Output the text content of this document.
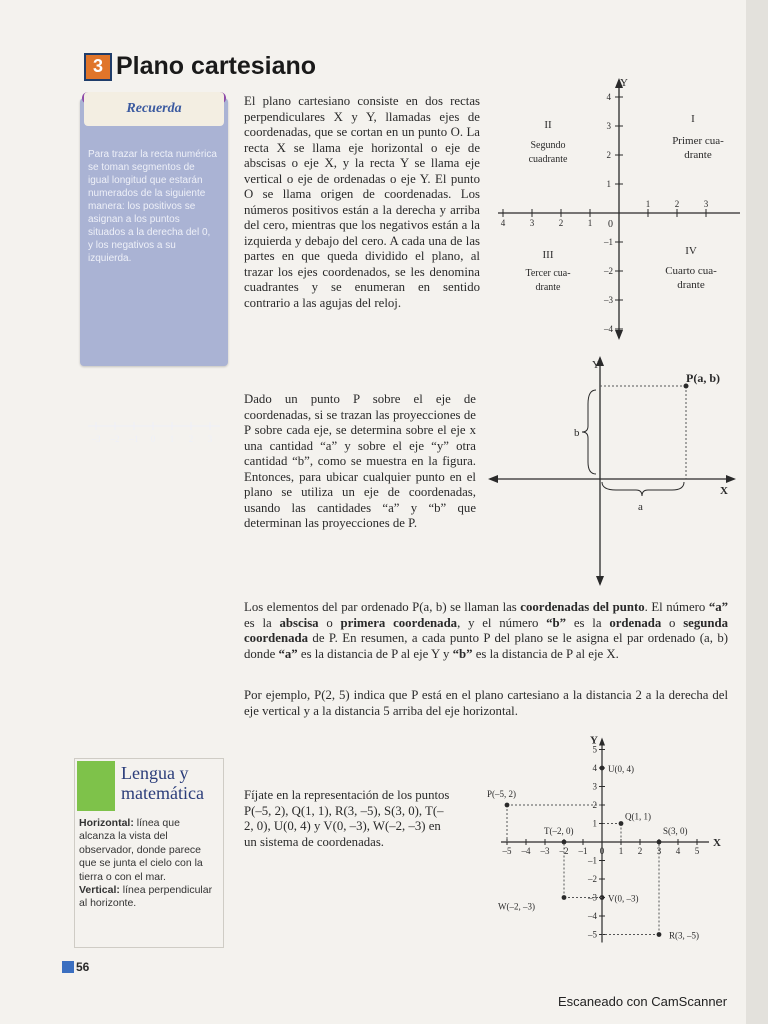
3 Plano cartesiano
Recuerda
Para trazar la recta numérica se toman segmentos de igual longitud que estarán numerados de la siguiente manera: los positivos se asignan a los puntos situados a la derecha del 0, y los negativos a su izquierda.
–3 –2 –1 0 1 2 3
El plano cartesiano consiste en dos rectas perpendiculares X y Y, llamadas ejes de coordenadas, que se cortan en un punto O. La recta X se llama eje horizontal o eje de abscisas o eje X, y la recta Y se llama eje vertical o eje de ordenadas o eje Y. El punto O se llama origen de coordenadas. Los números positivos están a la derecha y arriba del cero, mientras que los negativos están a la izquierda y debajo del cero. A cada una de las partes en que queda dividido el plano, al trazar los ejes coordenados, se les denomina cuadrantes y se enumeran en sentido contrario a las agujas del reloj.
Y
0
4	3	2	1
1	2	3
4
3
2
1
–1
–2
–3
–4
II
Segundo cuadrante
I
Primer cua-drante
III
Tercer cua-drante
IV
Cuarto cua-drante
Dado un punto P sobre el eje de coordenadas, si se trazan las proyecciones de P sobre cada eje, se determina sobre el eje x una cantidad “a” y sobre el eje “y” otra cantidad “b”, como se muestra en la figura. Entonces, para ubicar cualquier punto en el plano se utiliza un eje de coordenadas, usando las cantidades “a” y “b” que determinan las proyecciones de P.
Y
X
P(a, b)
b
a
Los elementos del par ordenado P(a, b) se llaman las coordenadas del punto. El número “a” es la abscisa o primera coordenada, y el número “b” es la ordenada o segunda coordenada de P. En resumen, a cada punto P del plano se le asigna el par ordenado (a, b) donde “a” es la distancia de P al eje Y y “b” es la distancia de P al eje X.
Por ejemplo, P(2, 5) indica que P está en el plano cartesiano a la distancia 2 a la derecha del eje vertical y a la distancia 5 arriba del eje horizontal.
Lengua y
matemática
Horizontal: línea que alcanza la vista del observador, donde parece que se junta el cielo con la tierra o con el mar.
Vertical: línea perpendicular al horizonte.
Fíjate en la representación de los puntos P(–5, 2), Q(1, 1), R(3, –5), S(3, 0), T(–2, 0), U(0, 4) y V(0, –3), W(–2, –3) en un sistema de coordenadas.	X
Y
–5 –4 –3 –2 –1 0 1 2 3 4 5
5
4
3
2
1
–1
–2
–3
–4
–5
P(–5, 2)
Q(1, 1)
R(3, –5)
S(3, 0)
T(–2, 0)
U(0, 4)
V(0, –3)
W(–2, –3)
56
Escaneado con CamScanner
